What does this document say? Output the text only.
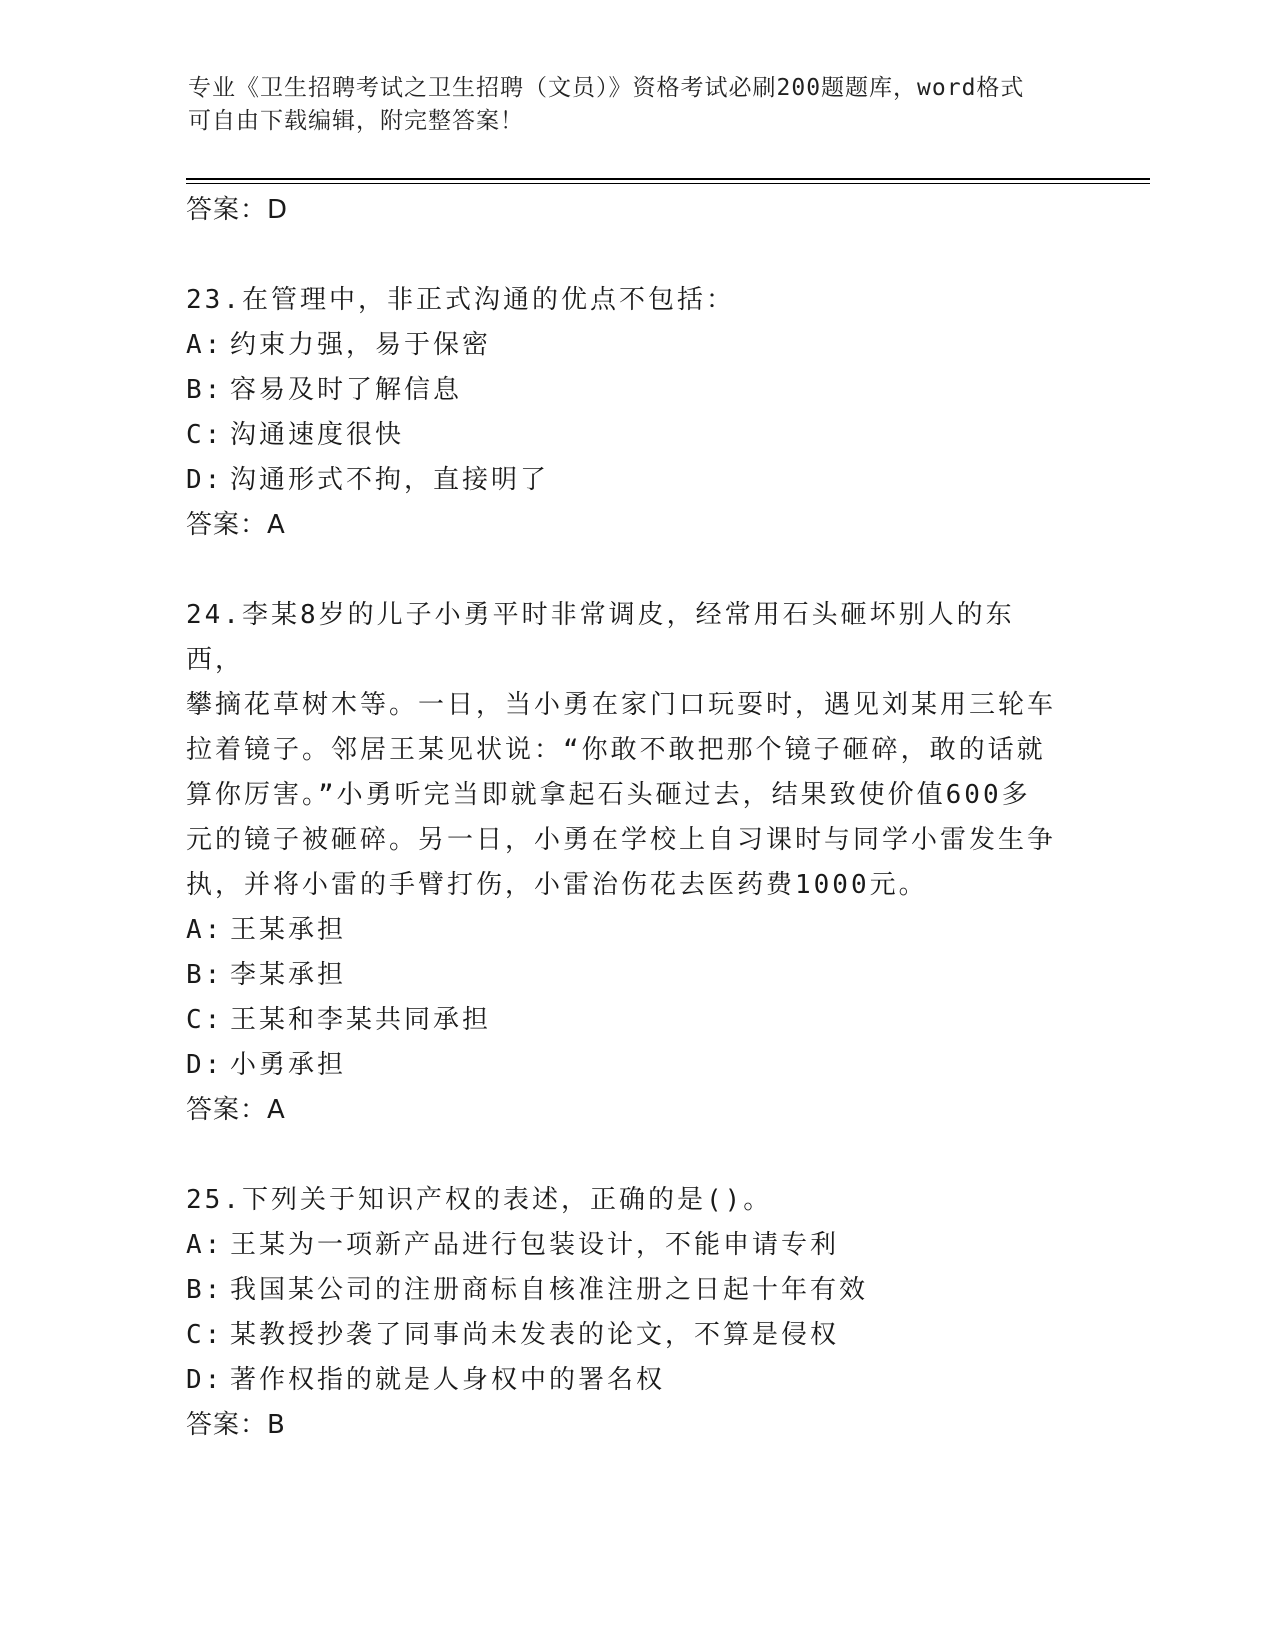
专业《卫生招聘考试之卫生招聘（文员）》资格考试必刷200题题库，word格式
可自由下载编辑，附完整答案！

答案：D

23.在管理中，非正式沟通的优点不包括：

A: 约束力强，易于保密

B: 容易及时了解信息

C: 沟通速度很快

D: 沟通形式不拘，直接明了

答案：A

24.李某8岁的儿子小勇平时非常调皮，经常用石头砸坏别人的东西，

攀摘花草树木等。一日，当小勇在家门口玩耍时，遇见刘某用三轮车

拉着镜子。邻居王某见状说：“你敢不敢把那个镜子砸碎，敢的话就

算你厉害。”小勇听完当即就拿起石头砸过去，结果致使价值600多

元的镜子被砸碎。另一日，小勇在学校上自习课时与同学小雷发生争

执，并将小雷的手臂打伤，小雷治伤花去医药费1000元。

A: 王某承担

B: 李某承担

C: 王某和李某共同承担

D: 小勇承担

答案：A

25.下列关于知识产权的表述，正确的是()。

A: 王某为一项新产品进行包装设计，不能申请专利

B: 我国某公司的注册商标自核准注册之日起十年有效

C: 某教授抄袭了同事尚未发表的论文，不算是侵权

D: 著作权指的就是人身权中的署名权

答案：B
